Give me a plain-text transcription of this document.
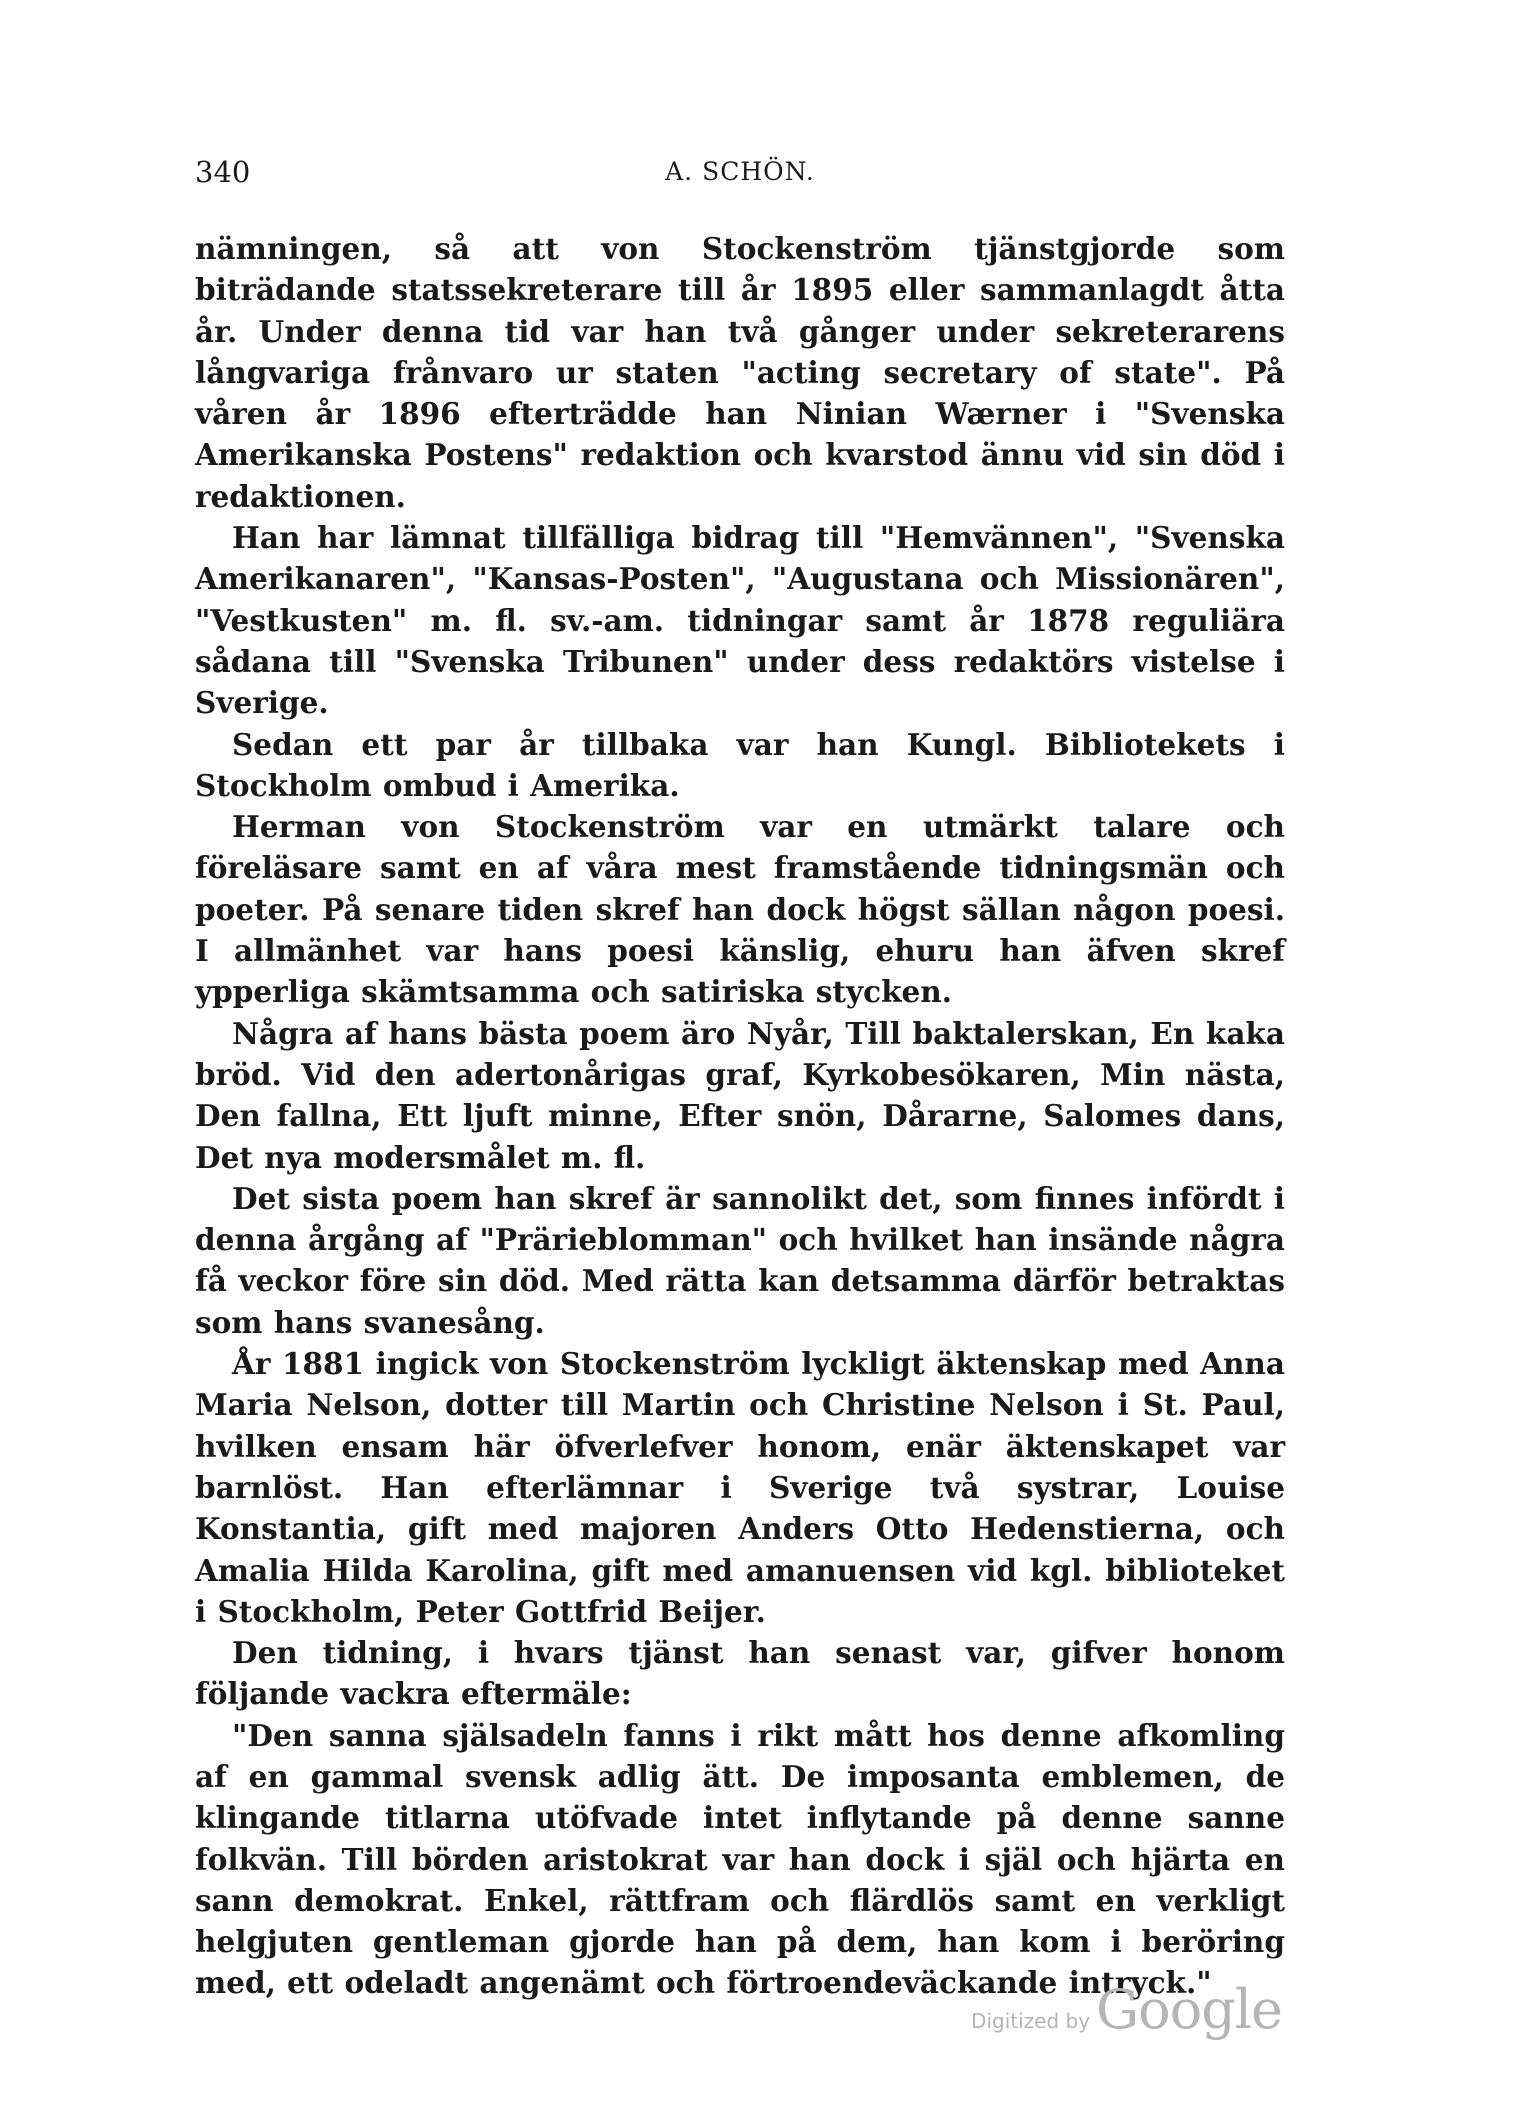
340	A. SCHÖN.

nämningen, så att von Stockenström tjänstgjorde som biträdande statssekreterare till år 1895 eller sammanlagdt åtta år. Under denna tid var han två gånger under sekreterarens långvariga frånvaro ur staten "acting secretary of state". På våren år 1896 efterträdde han Ninian Wærner i "Svenska Amerikanska Postens" redaktion och kvarstod ännu vid sin död i redaktionen.

Han har lämnat tillfälliga bidrag till "Hemvännen", "Svenska Amerikanaren", "Kansas-Posten", "Augustana och Missionären", "Vestkusten" m. fl. sv.-am. tidningar samt år 1878 reguliära sådana till "Svenska Tribunen" under dess redaktörs vistelse i Sverige.

Sedan ett par år tillbaka var han Kungl. Bibliotekets i Stockholm ombud i Amerika.

Herman von Stockenström var en utmärkt talare och föreläsare samt en af våra mest framstående tidningsmän och poeter. På senare tiden skref han dock högst sällan någon poesi. I allmänhet var hans poesi känslig, ehuru han äfven skref ypperliga skämtsamma och satiriska stycken.

Några af hans bästa poem äro Nyår, Till baktalerskan, En kaka bröd. Vid den adertonårigas graf, Kyrkobesökaren, Min nästa, Den fallna, Ett ljuft minne, Efter snön, Dårarne, Salomes dans, Det nya modersmålet m. fl.

Det sista poem han skref är sannolikt det, som finnes infördt i denna årgång af "Prärieblomman" och hvilket han insände några få veckor före sin död. Med rätta kan detsamma därför betraktas som hans svanesång.

År 1881 ingick von Stockenström lyckligt äktenskap med Anna Maria Nelson, dotter till Martin och Christine Nelson i St. Paul, hvilken ensam här öfverlefver honom, enär äktenskapet var barnlöst. Han efterlämnar i Sverige två systrar, Louise Konstantia, gift med majoren Anders Otto Hedenstierna, och Amalia Hilda Karolina, gift med amanuensen vid kgl. biblioteket i Stockholm, Peter Gottfrid Beijer.

Den tidning, i hvars tjänst han senast var, gifver honom följande vackra eftermäle:

"Den sanna själsadeln fanns i rikt mått hos denne afkomling af en gammal svensk adlig ätt. De imposanta emblemen, de klingande titlarna utöfvade intet inflytande på denne sanne folkvän. Till börden aristokrat var han dock i själ och hjärta en sann demokrat. Enkel, rättfram och flärdlös samt en verkligt helgjuten gentleman gjorde han på dem, han kom i beröring med, ett odeladt angenämt och förtroendeväckande intryck."

Digitized by Google
